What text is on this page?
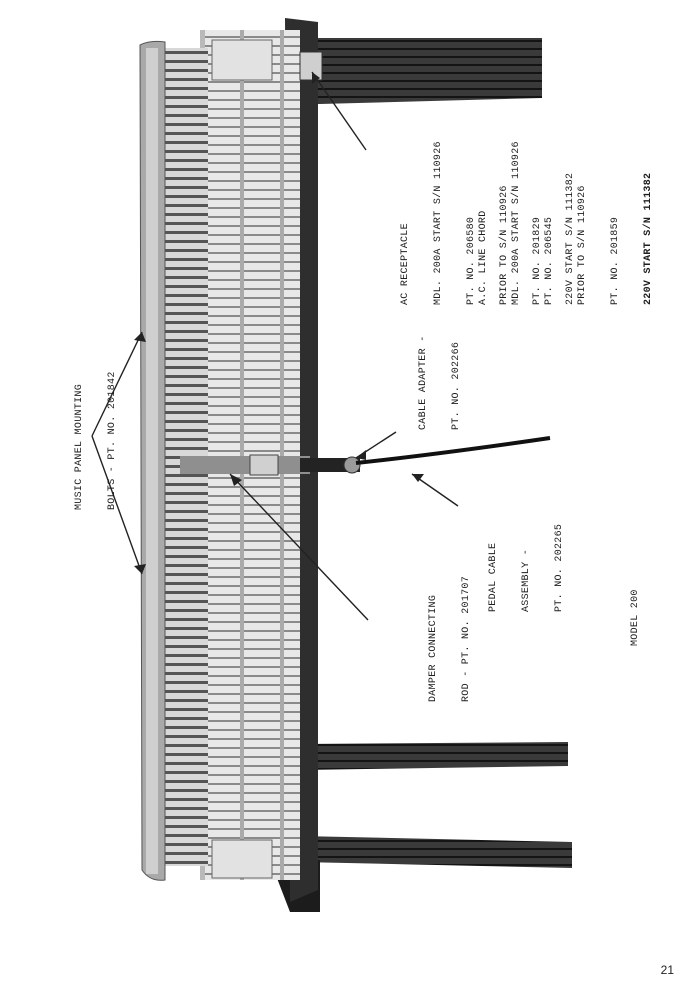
MUSIC PANEL MOUNTING

BOLTS - PT. NO. 201842

AC RECEPTACLE

MDL. 200A START S/N 110926

PT. NO. 206580

PRIOR TO S/N 110926

PT. NO. 201829

220V START S/N 111382

A.C. LINE CHORD

MDL. 200A START S/N 110926

PT. NO. 206545

PRIOR TO S/N 110926

PT. NO. 201859

220V START S/N 111382

CABLE ADAPTER -

PT. NO. 202266

PEDAL CABLE

ASSEMBLY -

PT. NO. 202265

DAMPER CONNECTING

ROD - PT. NO. 201707

	MODEL 200

21
